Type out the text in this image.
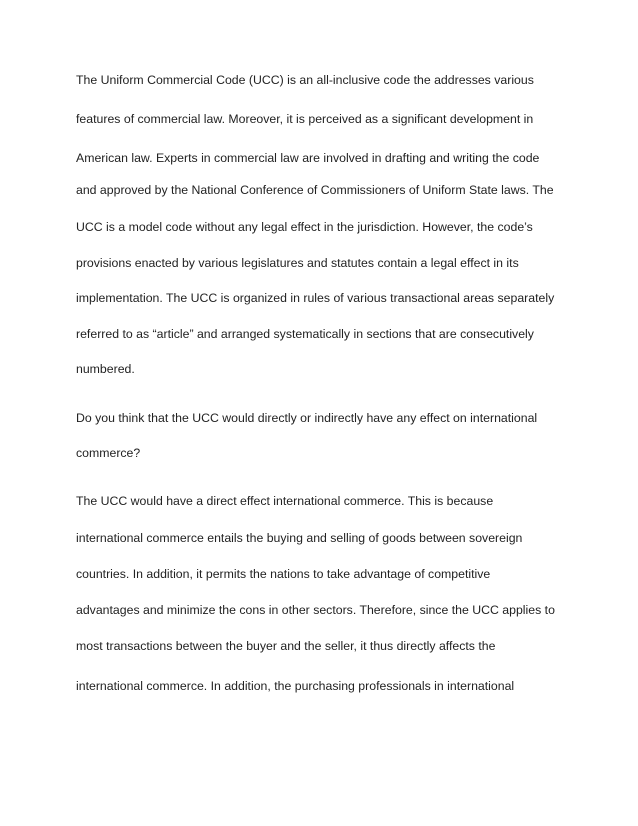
The Uniform Commercial Code (UCC) is an all-inclusive code the addresses various

features of commercial law. Moreover, it is perceived as a significant development in

American law. Experts in commercial law are involved in drafting and writing the code

and approved by the National Conference of Commissioners of Uniform State laws. The

UCC is a model code without any legal effect in the jurisdiction. However, the code’s

provisions enacted by various legislatures and statutes contain a legal effect in its

implementation. The UCC is organized in rules of various transactional areas separately

referred to as “article” and arranged systematically in sections that are consecutively

numbered.

Do you think that the UCC would directly or indirectly have any effect on international

commerce?

The UCC would have a direct effect international commerce. This is because

international commerce entails the buying and selling of goods between sovereign

countries. In addition, it permits the nations to take advantage of competitive

advantages and minimize the cons in other sectors. Therefore, since the UCC applies to

most transactions between the buyer and the seller, it thus directly affects the

international commerce. In addition, the purchasing professionals in international
